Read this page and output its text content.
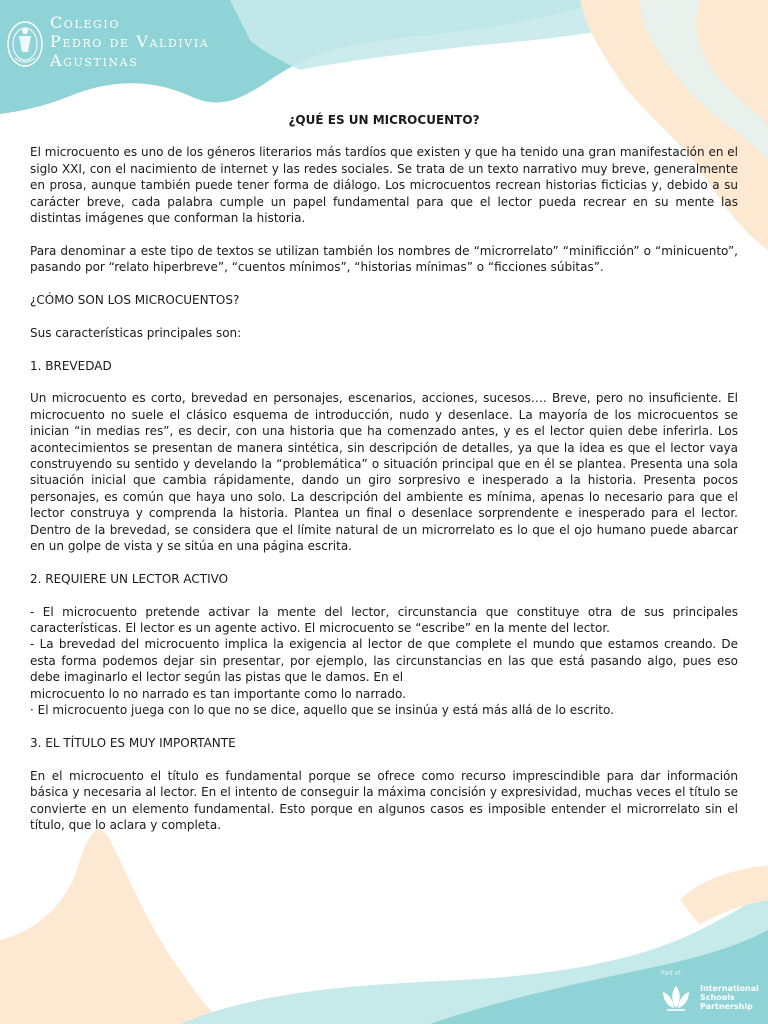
Colegio
Pedro de Valdivia
Agustinas
¿QUÉ ES UN MICROCUENTO?

El microcuento es uno de los géneros literarios más tardíos que existen y que ha tenido una gran manifestación en el siglo XXI, con el nacimiento de internet y las redes sociales. Se trata de un texto narrativo muy breve, generalmente en prosa, aunque también puede tener forma de diálogo. Los microcuentos recrean historias ficticias y, debido a su carácter breve, cada palabra cumple un papel fundamental para que el lector pueda recrear en su mente las distintas imágenes que conforman la historia.

Para denominar a este tipo de textos se utilizan también los nombres de “microrrelato” “minificción” o “minicuento”, pasando por “relato hiperbreve”, “cuentos mínimos”, “historias mínimas” o “ficciones súbitas”.

¿CÓMO SON LOS MICROCUENTOS?

Sus características principales son:

1. BREVEDAD

Un microcuento es corto, brevedad en personajes, escenarios, acciones, sucesos…. Breve, pero no insuficiente. El microcuento no suele el clásico esquema de introducción, nudo y desenlace. La mayoría de los microcuentos se inician “in medias res”, es decir, con una historia que ha comenzado antes, y es el lector quien debe inferirla. Los acontecimientos se presentan de manera sintética, sin descripción de detalles, ya que la idea es que el lector vaya construyendo su sentido y develando la “problemática” o situación principal que en él se plantea. Presenta una sola situación inicial que cambia rápidamente, dando un giro sorpresivo e inesperado a la historia. Presenta pocos personajes, es común que haya uno solo. La descripción del ambiente es mínima, apenas lo necesario para que el lector construya y comprenda la historia. Plantea un final o desenlace sorprendente e inesperado para el lector. Dentro de la brevedad, se considera que el límite natural de un microrrelato es lo que el ojo humano puede abarcar en un golpe de vista y se sitúa en una página escrita.

2. REQUIERE UN LECTOR ACTIVO

- El microcuento pretende activar la mente del lector, circunstancia que constituye otra de sus principales características. El lector es un agente activo. El microcuento se “escribe” en la mente del lector.
- La brevedad del microcuento implica la exigencia al lector de que complete el mundo que estamos creando. De esta forma podemos dejar sin presentar, por ejemplo, las circunstancias en las que está pasando algo, pues eso debe imaginarlo el lector según las pistas que le damos. En el
microcuento lo no narrado es tan importante como lo narrado.
· El microcuento juega con lo que no se dice, aquello que se insinúa y está más allá de lo escrito.

3. EL TÍTULO ES MUY IMPORTANTE

En el microcuento el título es fundamental porque se ofrece como recurso imprescindible para dar información básica y necesaria al lector. En el intento de conseguir la máxima concisión y expresividad, muchas veces el título se convierte en un elemento fundamental. Esto porque en algunos casos es imposible entender el microrrelato sin el título, que lo aclara y completa.

Part of
International
Schools
Partnership
